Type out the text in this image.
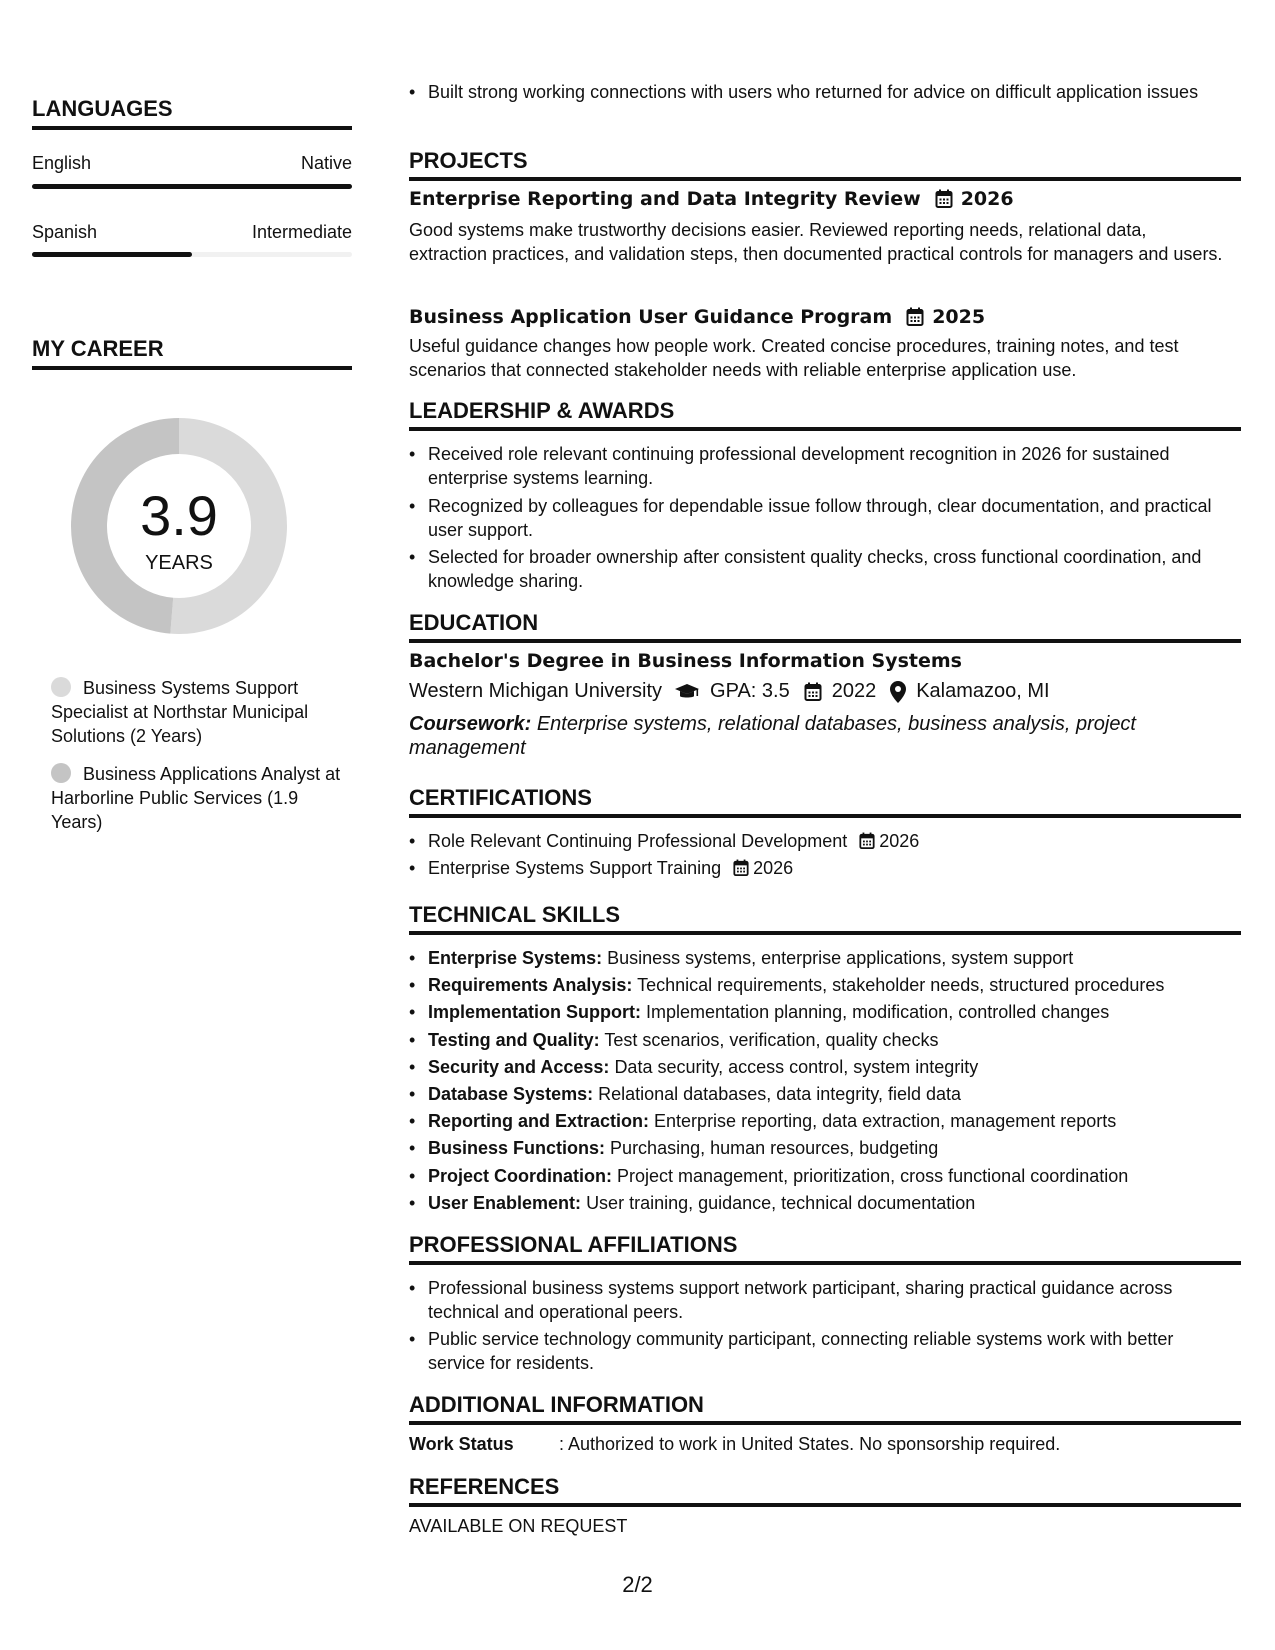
LANGUAGES
English	Native
Spanish	Intermediate
MY CAREER
3.9
YEARS
Business Systems Support Specialist at Northstar Municipal Solutions (2 Years)
Business Applications Analyst at Harborline Public Services (1.9 Years)
• Built strong working connections with users who returned for advice on difficult application issues
PROJECTS
Enterprise Reporting and Data Integrity Review 2026
Good systems make trustworthy decisions easier. Reviewed reporting needs, relational data, extraction practices, and validation steps, then documented practical controls for managers and users.
Business Application User Guidance Program 2025
Useful guidance changes how people work. Created concise procedures, training notes, and test scenarios that connected stakeholder needs with reliable enterprise application use.
LEADERSHIP & AWARDS
• Received role relevant continuing professional development recognition in 2026 for sustained enterprise systems learning.
• Recognized by colleagues for dependable issue follow through, clear documentation, and practical user support.
• Selected for broader ownership after consistent quality checks, cross functional coordination, and knowledge sharing.
EDUCATION
Bachelor's Degree in Business Information Systems
Western Michigan University GPA: 3.5 2022 Kalamazoo, MI
Coursework: Enterprise systems, relational databases, business analysis, project management
CERTIFICATIONS
• Role Relevant Continuing Professional Development 2026
• Enterprise Systems Support Training 2026
TECHNICAL SKILLS
• Enterprise Systems: Business systems, enterprise applications, system support
• Requirements Analysis: Technical requirements, stakeholder needs, structured procedures
• Implementation Support: Implementation planning, modification, controlled changes
• Testing and Quality: Test scenarios, verification, quality checks
• Security and Access: Data security, access control, system integrity
• Database Systems: Relational databases, data integrity, field data
• Reporting and Extraction: Enterprise reporting, data extraction, management reports
• Business Functions: Purchasing, human resources, budgeting
• Project Coordination: Project management, prioritization, cross functional coordination
• User Enablement: User training, guidance, technical documentation
PROFESSIONAL AFFILIATIONS
• Professional business systems support network participant, sharing practical guidance across technical and operational peers.
• Public service technology community participant, connecting reliable systems work with better service for residents.
ADDITIONAL INFORMATION
Work Status	: Authorized to work in United States. No sponsorship required.
REFERENCES
AVAILABLE ON REQUEST
2/2
